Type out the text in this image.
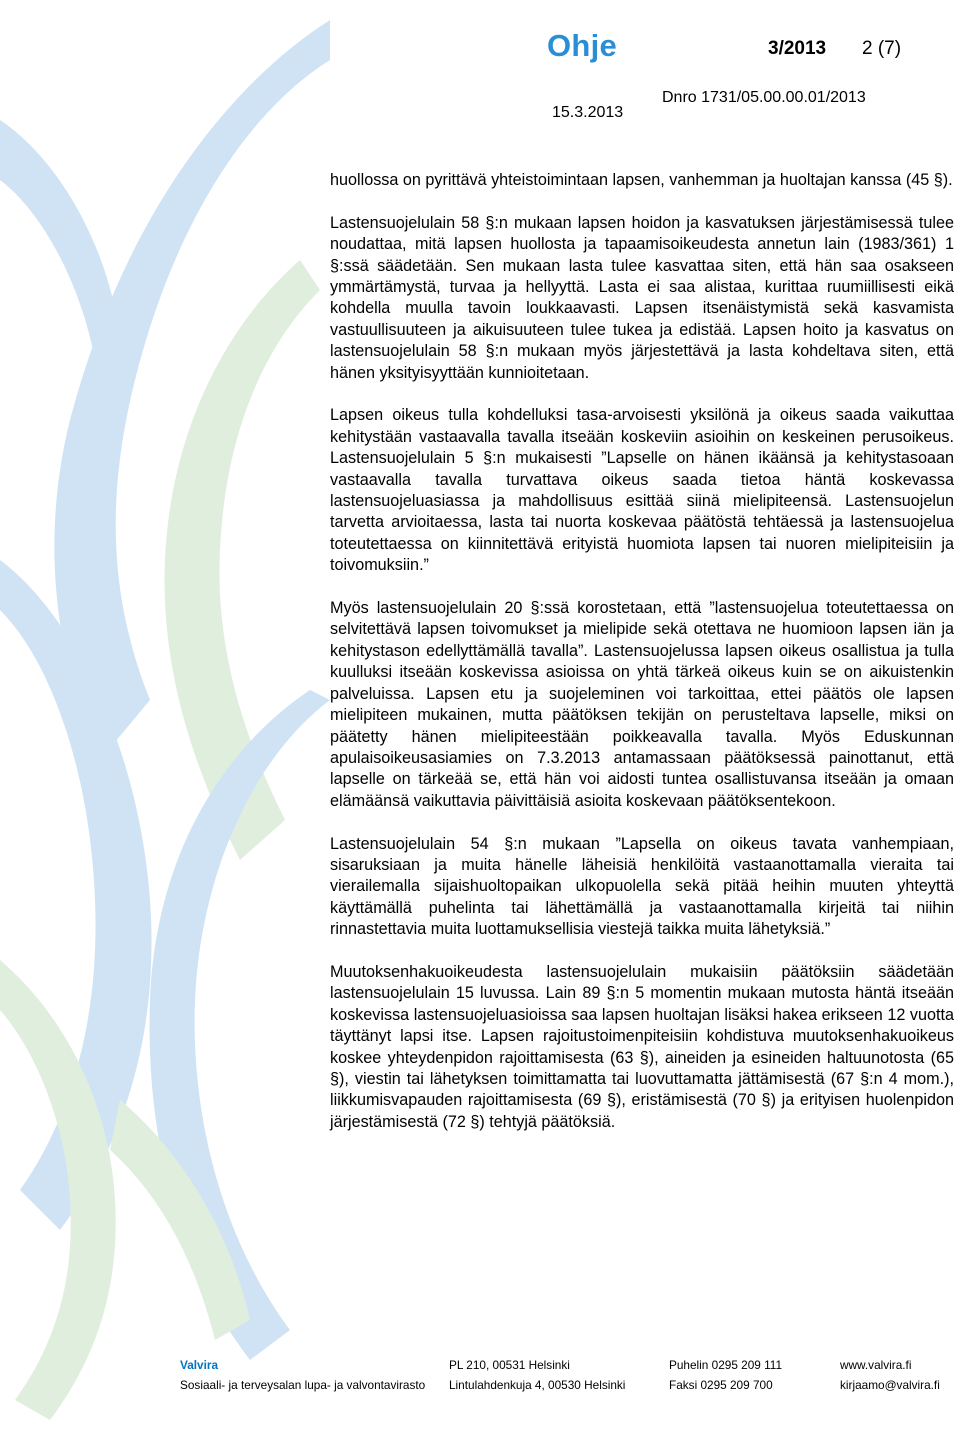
Ohje	3/2013 2 (7)
15.3.2013
Dnro 1731/05.00.00.01/2013

huollossa on pyrittävä yhteistoimintaan lapsen, vanhemman ja huoltajan kanssa (45 §).

Lastensuojelulain 58 §:n mukaan lapsen hoidon ja kasvatuksen järjestämisessä tulee noudattaa, mitä lapsen huollosta ja tapaamisoikeudesta annetun lain (1983/361) 1 §:ssä säädetään. Sen mukaan lasta tulee kasvattaa siten, että hän saa osakseen ymmärtämystä, turvaa ja hellyyttä. Lasta ei saa alistaa, kurittaa ruumiillisesti eikä kohdella muulla tavoin loukkaavasti. Lapsen itsenäistymistä sekä kasvamista vastuullisuuteen ja aikuisuuteen tulee tukea ja edistää. Lapsen hoito ja kasvatus on lastensuojelulain 58 §:n mukaan myös järjestettävä ja lasta kohdeltava siten, että hänen yksityisyyttään kunnioitetaan.

Lapsen oikeus tulla kohdelluksi tasa-arvoisesti yksilönä ja oikeus saada vaikuttaa kehitystään vastaavalla tavalla itseään koskeviin asioihin on keskeinen perusoikeus. Lastensuojelulain 5 §:n mukaisesti ”Lapselle on hänen ikäänsä ja kehitystasoaan vastaavalla tavalla turvattava oikeus saada tietoa häntä koskevassa lastensuojeluasiassa ja mahdollisuus esittää siinä mielipiteensä. Lastensuojelun tarvetta arvioitaessa, lasta tai nuorta koskevaa päätöstä tehtäessä ja lastensuojelua toteutettaessa on kiinnitettävä erityistä huomiota lapsen tai nuoren mielipiteisiin ja toivomuksiin.”

Myös lastensuojelulain 20 §:ssä korostetaan, että ”lastensuojelua toteutettaessa on selvitettävä lapsen toivomukset ja mielipide sekä otettava ne huomioon lapsen iän ja kehitystason edellyttämällä tavalla”. Lastensuojelussa lapsen oikeus osallistua ja tulla kuulluksi itseään koskevissa asioissa on yhtä tärkeä oikeus kuin se on aikuistenkin palveluissa. Lapsen etu ja suojeleminen voi tarkoittaa, ettei päätös ole lapsen mielipiteen mukainen, mutta päätöksen tekijän on perusteltava lapselle, miksi on päätetty hänen mielipiteestään poikkeavalla tavalla. Myös Eduskunnan apulaisoikeusasiamies on 7.3.2013 antamassaan päätöksessä painottanut, että lapselle on tärkeää se, että hän voi aidosti tuntea osallistuvansa itseään ja omaan elämäänsä vaikuttavia päivittäisiä asioita koskevaan päätöksentekoon.

Lastensuojelulain 54 §:n mukaan ”Lapsella on oikeus tavata vanhempiaan, sisaruksiaan ja muita hänelle läheisiä henkilöitä vastaanottamalla vieraita tai vierailemalla sijaishuoltopaikan ulkopuolella sekä pitää heihin muuten yhteyttä käyttämällä puhelinta tai lähettämällä ja vastaanottamalla kirjeitä tai niihin rinnastettavia muita luottamuksellisia viestejä taikka muita lähetyksiä.”

Muutoksenhakuoikeudesta lastensuojelulain mukaisiin päätöksiin säädetään lastensuojelulain 15 luvussa. Lain 89 §:n 5 momentin mukaan mutosta häntä itseään koskevissa lastensuojeluasioissa saa lapsen huoltajan lisäksi hakea erikseen 12 vuotta täyttänyt lapsi itse. Lapsen rajoitustoimenpiteisiin kohdistuva muutoksenhakuoikeus koskee yhteydenpidon rajoittamisesta (63 §), aineiden ja esineiden haltuunotosta (65 §), viestin tai lähetyksen toimittamatta tai luovuttamatta jättämisestä (67 §:n 4 mom.), liikkumisvapauden rajoittamisesta (69 §), eristämisestä (70 §) ja erityisen huolenpidon järjestämisestä (72 §) tehtyjä päätöksiä.

Valvira
Sosiaali- ja terveysalan lupa- ja valvontavirasto
PL 210, 00531 Helsinki
Lintulahdenkuja 4, 00530 Helsinki
Puhelin 0295 209 111
Faksi 0295 209 700
www.valvira.fi
kirjaamo@valvira.fi
